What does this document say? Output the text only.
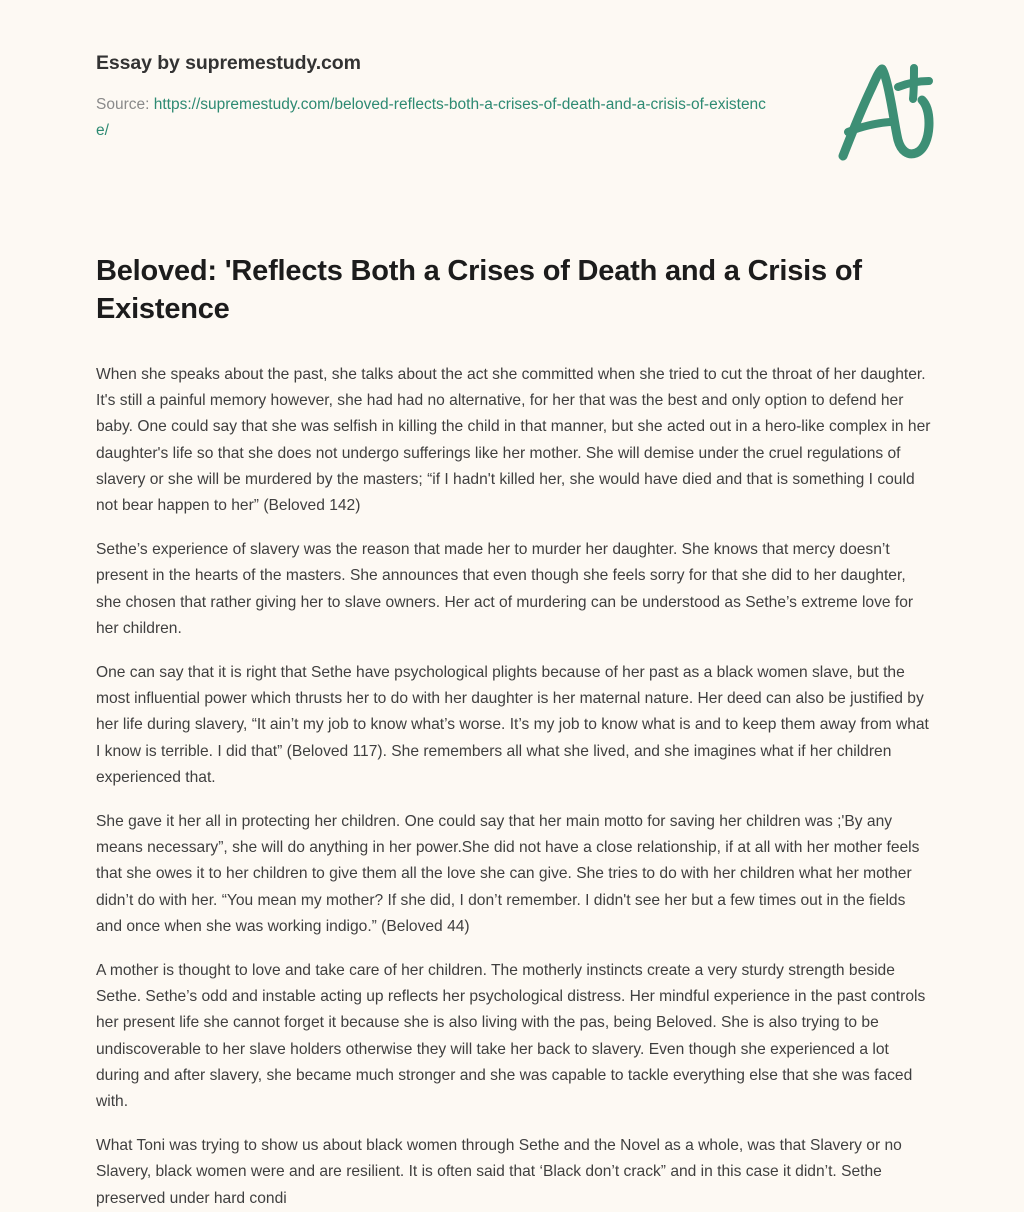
Essay by supremestudy.com
Source: https://supremestudy.com/beloved-reflects-both-a-crises-of-death-and-a-crisis-of-existence/
Beloved: 'Reflects Both a Crises of Death and a Crisis of Existence

When she speaks about the past, she talks about the act she committed when she tried to cut the throat of her daughter. It's still a painful memory however, she had had no alternative, for her that was the best and only option to defend her baby. One could say that she was selfish in killing the child in that manner, but she acted out in a hero-like complex in her daughter's life so that she does not undergo sufferings like her mother. She will demise under the cruel regulations of slavery or she will be murdered by the masters; “if I hadn't killed her, she would have died and that is something I could not bear happen to her” (Beloved 142)

Sethe’s experience of slavery was the reason that made her to murder her daughter. She knows that mercy doesn’t present in the hearts of the masters. She announces that even though she feels sorry for that she did to her daughter, she chosen that rather giving her to slave owners. Her act of murdering can be understood as Sethe’s extreme love for her children.

One can say that it is right that Sethe have psychological plights because of her past as a black women slave, but the most influential power which thrusts her to do with her daughter is her maternal nature. Her deed can also be justified by her life during slavery, “It ain’t my job to know what’s worse. It’s my job to know what is and to keep them away from what I know is terrible. I did that” (Beloved 117). She remembers all what she lived, and she imagines what if her children experienced that.

She gave it her all in protecting her children. One could say that her main motto for saving her children was ;'By any means necessary”, she will do anything in her power.She did not have a close relationship, if at all with her mother feels that she owes it to her children to give them all the love she can give. She tries to do with her children what her mother didn’t do with her. “You mean my mother? If she did, I don’t remember. I didn't see her but a few times out in the fields and once when she was working indigo.” (Beloved 44)

A mother is thought to love and take care of her children. The motherly instincts create a very sturdy strength beside Sethe. Sethe’s odd and instable acting up reflects her psychological distress. Her mindful experience in the past controls her present life she cannot forget it because she is also living with the pas, being Beloved. She is also trying to be undiscoverable to her slave holders otherwise they will take her back to slavery. Even though she experienced a lot during and after slavery, she became much stronger and she was capable to tackle everything else that she was faced with.

What Toni was trying to show us about black women through Sethe and the Novel as a whole, was that Slavery or no Slavery, black women were and are resilient. It is often said that ‘Black don’t crack” and in this case it didn’t. Sethe preserved under hard condi
